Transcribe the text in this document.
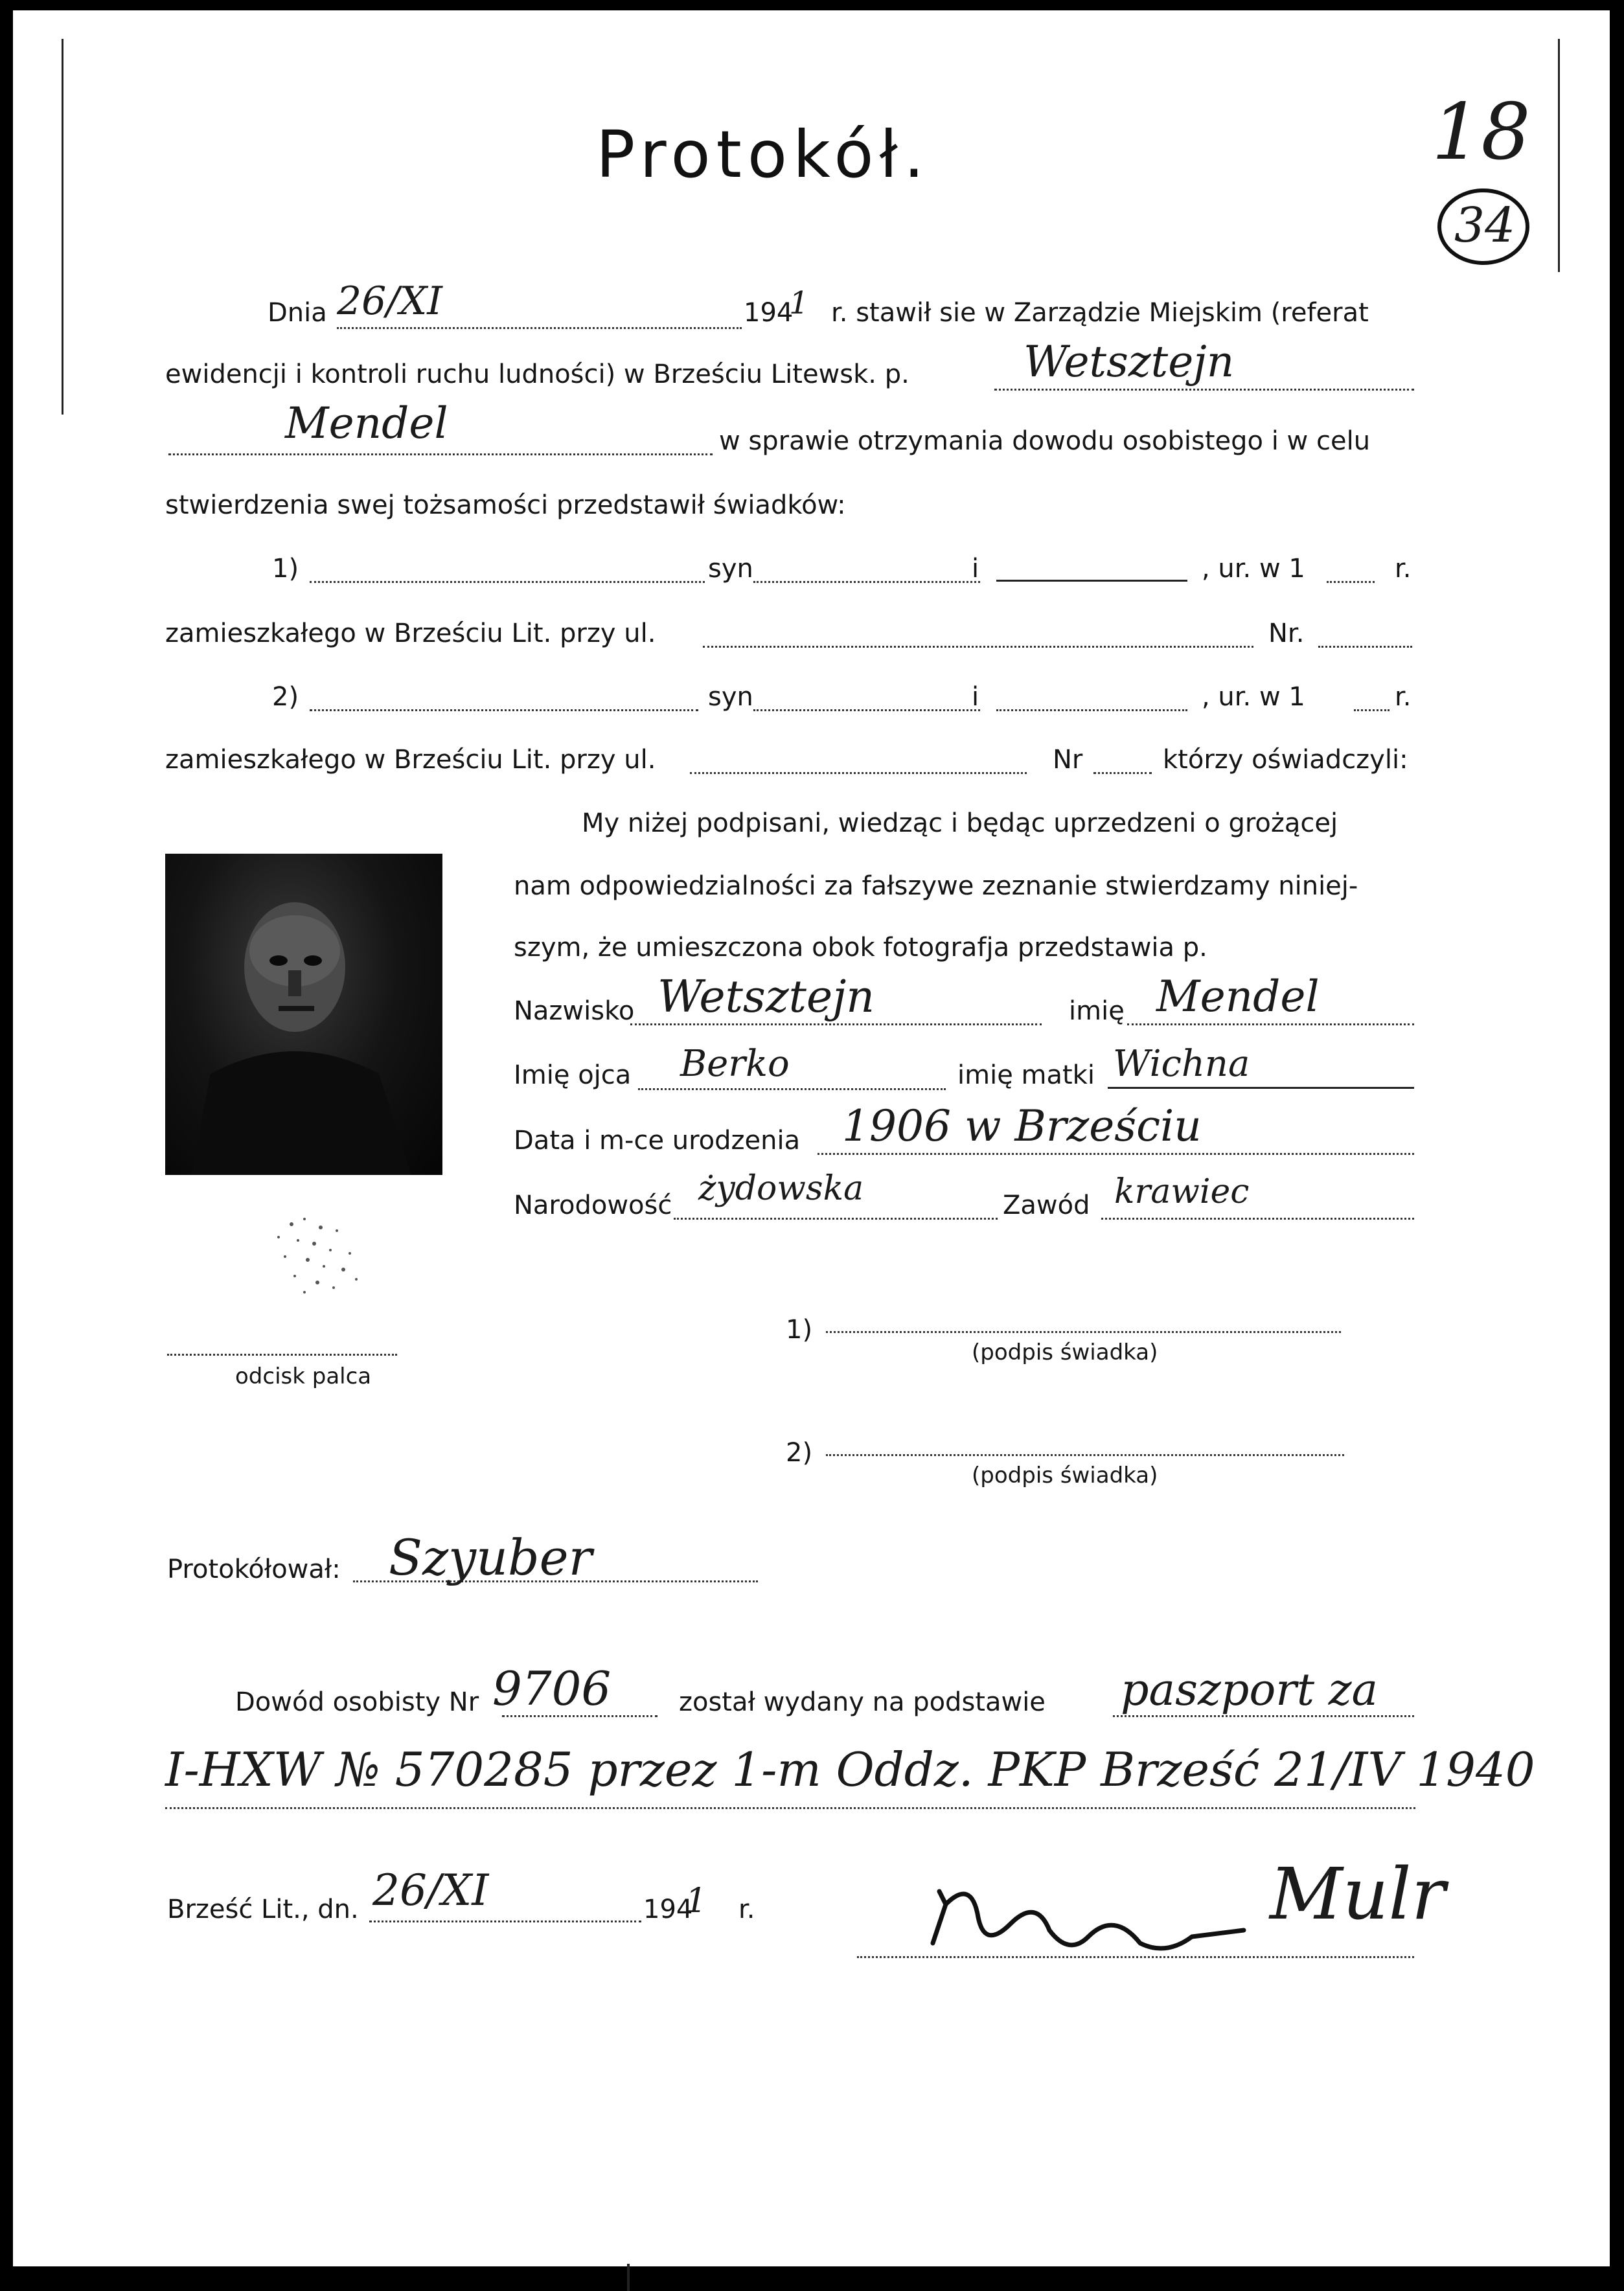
18
34
Protokół.
Dnia 26/XI	194
1 r. stawił sie w Zarządzie Miejskim (referat
ewidencji i kontroli ruchu ludności) w Brześciu Litewsk. p.	Wetsztejn
Mendel	w sprawie otrzymania dowodu osobistego i w celu
stwierdzenia swej tożsamości przedstawił świadków:
1)	syn	i	, ur. w 1	r.
zamieszkałego w Brześciu Lit. przy ul.	Nr.
2)	syn	i	, ur. w 1	r.
zamieszkałego w Brześciu Lit. przy ul.	Nr	którzy oświadczyli:
My niżej podpisani, wiedząc i będąc uprzedzeni o grożącej
nam odpowiedzialności za fałszywe zeznanie stwierdzamy niniej-
szym, że umieszczona obok fotografja przedstawia p.
Nazwisko Wetsztejn	imię Mendel
Imię ojca Berko	imię matki Wichna
Data i m-ce urodzenia 1906 w Brześciu
Narodowość żydowska	Zawód krawiec
odcisk palca
1)
(podpis świadka)
2)
(podpis świadka)
Protokółował: Szyuber
Dowód osobisty Nr 9706	został wydany na podstawie paszport za
I-HXW № 570285 przez 1-m Oddz. PKP Brześć 21/IV 1940
Brześć Lit., dn. 26/XI	194
1 r.	Mulr
